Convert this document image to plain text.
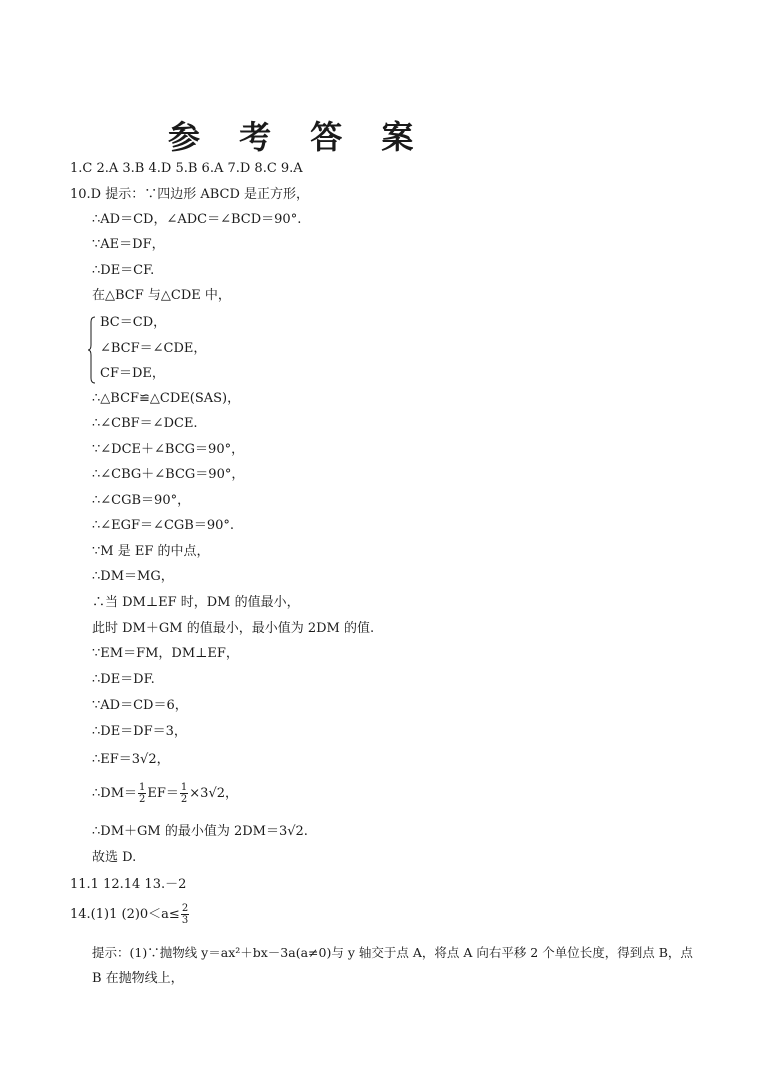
参 考 答 案
1.C 2.A 3.B 4.D 5.B 6.A 7.D 8.C 9.A
10.D 提示：∵四边形 ABCD 是正方形，
∴AD＝CD，∠ADC＝∠BCD＝90°.
∵AE＝DF，
∴DE＝CF.
在△BCF 与△CDE 中，
BC＝CD，
∠BCF＝∠CDE，
CF＝DE，
∴△BCF≌△CDE(SAS)，
∴∠CBF＝∠DCE.
∵∠DCE＋∠BCG＝90°，
∴∠CBG＋∠BCG＝90°，
∴∠CGB＝90°，
∴∠EGF＝∠CGB＝90°.
∵M 是 EF 的中点，
∴DM＝MG，
∴当 DM⊥EF 时，DM 的值最小，
此时 DM＋GM 的值最小，最小值为 2DM 的值.
∵EM＝FM，DM⊥EF，
∴DE＝DF.
∵AD＝CD＝6，
∴DE＝DF＝3，
∴EF＝3√2，
∴DM＝ $\frac{1}{2} EF= \frac{1}{2} \times 3√2$，
∴DM＋GM 的最小值为 2DM＝3√2.
故选 D.
11.1 12.14 13.－2
14.(1)1 $(2)0<a\le \frac{2}{3}$
提示：(1)∵抛物线 y＝ax²＋bx－3a(a≠0)与 y 轴交于点 A，将点 A 向右平移 2 个单位长度，得到点 B，点
B 在抛物线上，
